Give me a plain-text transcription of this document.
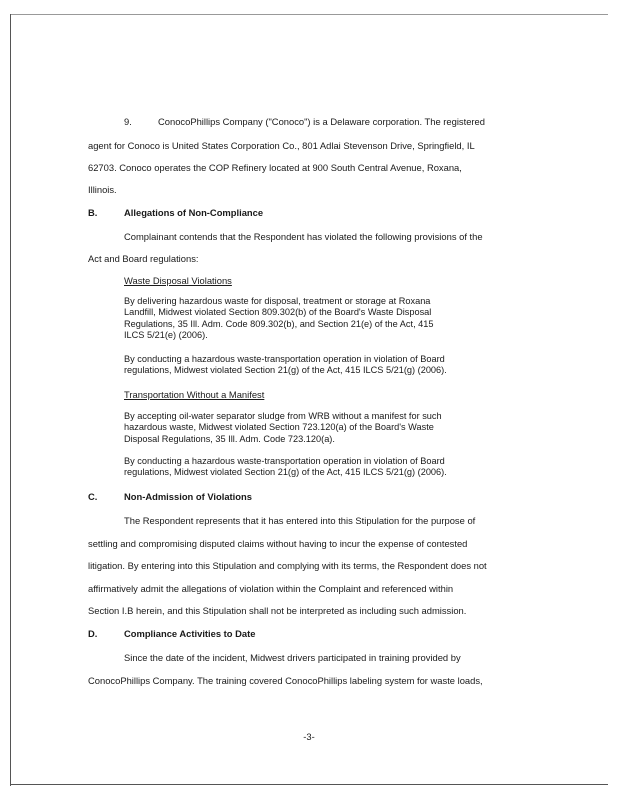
9.	ConocoPhillips Company ("Conoco") is a Delaware corporation. The registered
agent for Conoco is United States Corporation Co., 801 Adlai Stevenson Drive, Springfield, IL
62703. Conoco operates the COP Refinery located at 900 South Central Avenue, Roxana,
Illinois.
B.	Allegations of Non-Compliance
Complainant contends that the Respondent has violated the following provisions of the
Act and Board regulations:
Waste Disposal Violations
By delivering hazardous waste for disposal, treatment or storage at Roxana
Landfill, Midwest violated Section 809.302(b) of the Board's Waste Disposal
Regulations, 35 Ill. Adm. Code 809.302(b), and Section 21(e) of the Act, 415
ILCS 5/21(e) (2006).
By conducting a hazardous waste-transportation operation in violation of Board
regulations, Midwest violated Section 21(g) of the Act, 415 ILCS 5/21(g) (2006).
Transportation Without a Manifest
By accepting oil-water separator sludge from WRB without a manifest for such
hazardous waste, Midwest violated Section 723.120(a) of the Board's Waste
Disposal Regulations, 35 Ill. Adm. Code 723.120(a).
By conducting a hazardous waste-transportation operation in violation of Board
regulations, Midwest violated Section 21(g) of the Act, 415 ILCS 5/21(g) (2006).
C.	Non-Admission of Violations
The Respondent represents that it has entered into this Stipulation for the purpose of
settling and compromising disputed claims without having to incur the expense of contested
litigation. By entering into this Stipulation and complying with its terms, the Respondent does not
affirmatively admit the allegations of violation within the Complaint and referenced within
Section I.B herein, and this Stipulation shall not be interpreted as including such admission.
D.	Compliance Activities to Date
Since the date of the incident, Midwest drivers participated in training provided by
ConocoPhillips Company. The training covered ConocoPhillips labeling system for waste loads,
-3-
